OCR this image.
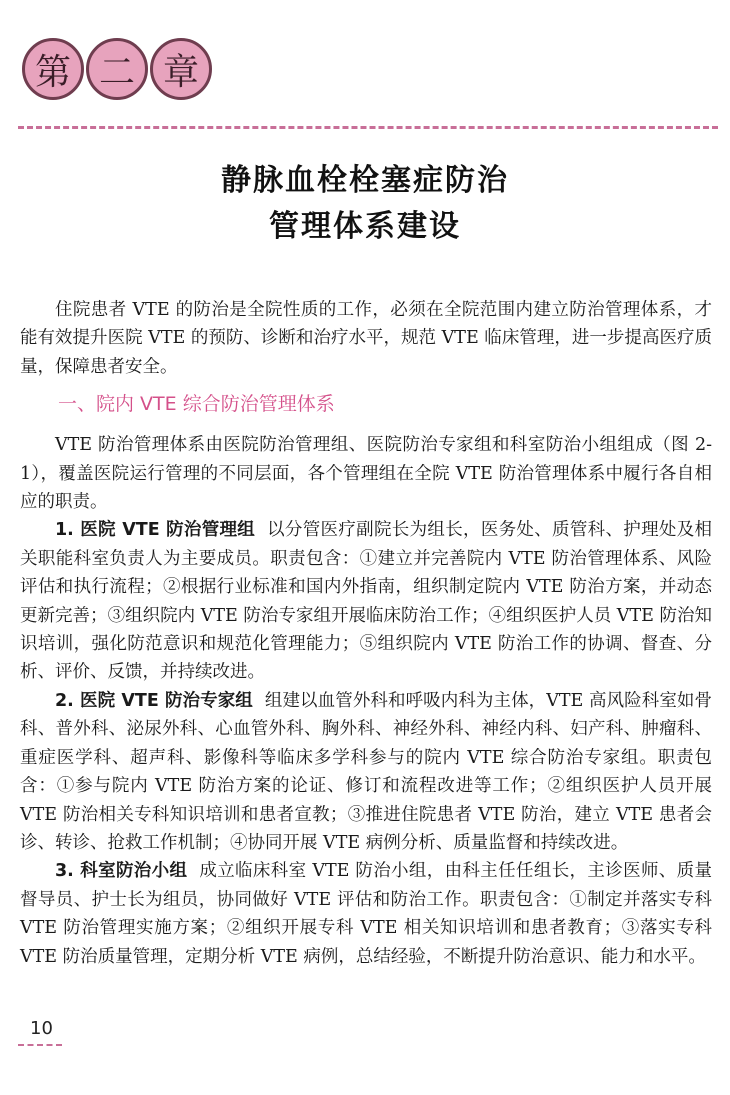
第 二 章
静脉血栓栓塞症防治
管理体系建设

住院患者 VTE 的防治是全院性质的工作，必须在全院范围内建立防治管理体系，才能有效提升医院 VTE 的预防、诊断和治疗水平，规范 VTE 临床管理，进一步提高医疗质量，保障患者安全。

一、院内 VTE 综合防治管理体系

VTE 防治管理体系由医院防治管理组、医院防治专家组和科室防治小组组成（图 2-1），覆盖医院运行管理的不同层面，各个管理组在全院 VTE 防治管理体系中履行各自相应的职责。

1. 医院 VTE 防治管理组 以分管医疗副院长为组长，医务处、质管科、护理处及相关职能科室负责人为主要成员。职责包含：①建立并完善院内 VTE 防治管理体系、风险评估和执行流程；②根据行业标准和国内外指南，组织制定院内 VTE 防治方案，并动态更新完善；③组织院内 VTE 防治专家组开展临床防治工作；④组织医护人员 VTE 防治知识培训，强化防范意识和规范化管理能力；⑤组织院内 VTE 防治工作的协调、督查、分析、评价、反馈，并持续改进。

2. 医院 VTE 防治专家组 组建以血管外科和呼吸内科为主体，VTE 高风险科室如骨科、普外科、泌尿外科、心血管外科、胸外科、神经外科、神经内科、妇产科、肿瘤科、重症医学科、超声科、影像科等临床多学科参与的院内 VTE 综合防治专家组。职责包含：①参与院内 VTE 防治方案的论证、修订和流程改进等工作；②组织医护人员开展 VTE 防治相关专科知识培训和患者宣教；③推进住院患者 VTE 防治，建立 VTE 患者会诊、转诊、抢救工作机制；④协同开展 VTE 病例分析、质量监督和持续改进。

3. 科室防治小组 成立临床科室 VTE 防治小组，由科主任任组长，主诊医师、质量督导员、护士长为组员，协同做好 VTE 评估和防治工作。职责包含：①制定并落实专科 VTE 防治管理实施方案；②组织开展专科 VTE 相关知识培训和患者教育；③落实专科 VTE 防治质量管理，定期分析 VTE 病例，总结经验，不断提升防治意识、能力和水平。

10
